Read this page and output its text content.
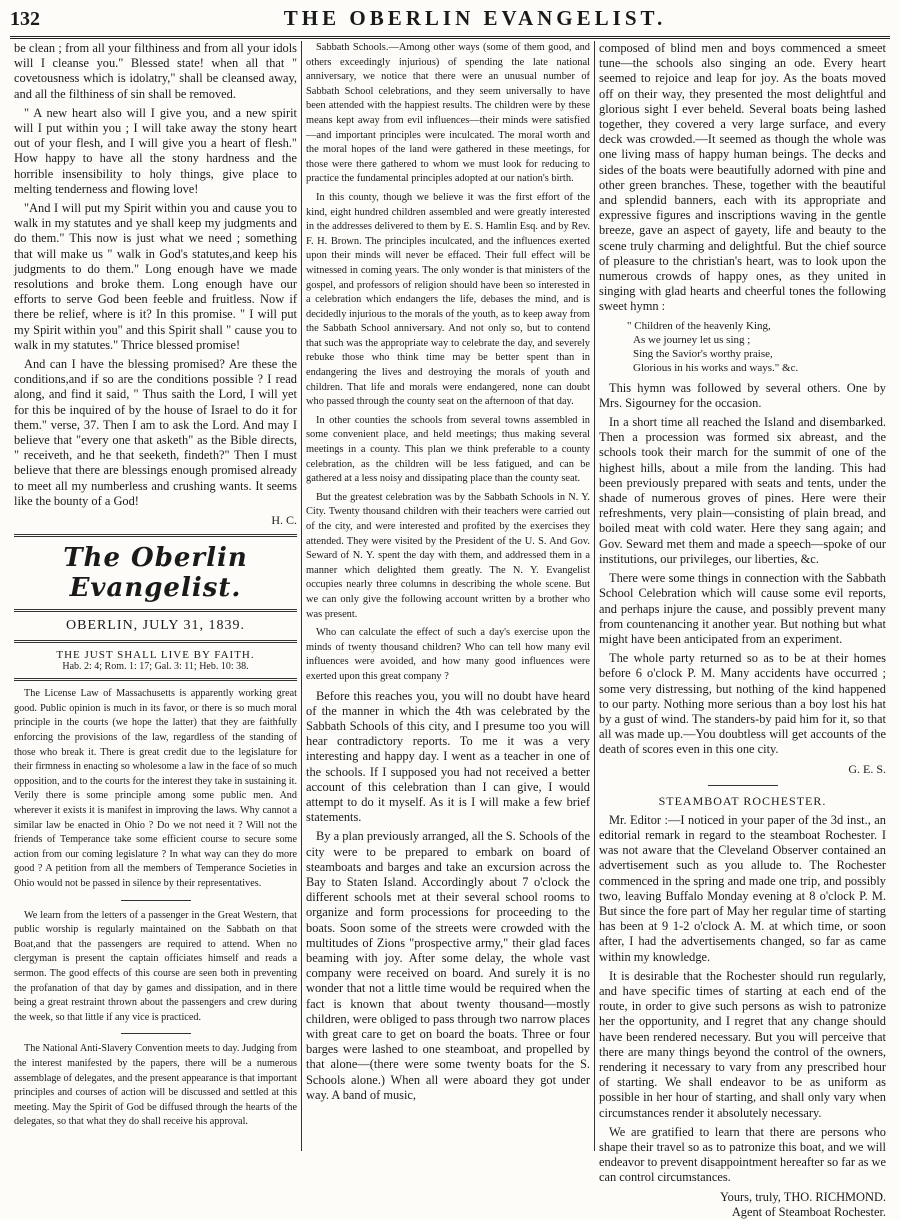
132	THE OBERLIN EVANGELIST.

be clean ; from all your filthiness and from all your idols will I cleanse you." Blessed state! when all that " covetousness which is idolatry," shall be cleansed away, and all the filthiness of sin shall be removed.

" A new heart also will I give you, and a new spirit will I put within you ; I will take away the stony heart out of your flesh, and I will give you a heart of flesh." How happy to have all the stony hardness and the horrible insensibility to holy things, give place to melting tenderness and flowing love!

"And I will put my Spirit within you and cause you to walk in my statutes and ye shall keep my judgments and do them." This now is just what we need ; something that will make us " walk in God's statutes,and keep his judgments to do them." Long enough have we made resolutions and broke them. Long enough have our efforts to serve God been feeble and fruitless. Now if there be relief, where is it? In this promise. " I will put my Spirit within you" and this Spirit shall " cause you to walk in my statutes." Thrice blessed promise!

And can I have the blessing promised? Are these the conditions,and if so are the conditions possible ? I read along, and find it said, " Thus saith the Lord, I will yet for this be inquired of by the house of Israel to do it for them." verse, 37. Then I am to ask the Lord. And may I believe that "every one that asketh" as the Bible directs, " receiveth, and he that seeketh, findeth?" Then I must believe that there are blessings enough promised already to meet all my numberless and crushing wants. It seems like the bounty of a God!

H. C.
The Oberlin Evangelist.
OBERLIN, JULY 31, 1839.
THE JUST SHALL LIVE BY FAITH.
Hab. 2: 4; Rom. 1: 17; Gal. 3: 11; Heb. 10: 38.

The License Law of Massachusetts is apparently working great good. Public opinion is much in its favor, or there is so much moral principle in the courts (we hope the latter) that they are faithfully enforcing the provisions of the law, regardless of the standing of those who break it. There is great credit due to the legislature for their firmness in enacting so wholesome a law in the face of so much opposition, and to the courts for the interest they take in sustaining it. Verily there is some principle among some public men. And wherever it exists it is manifest in improving the laws. Why cannot a similar law be enacted in Ohio ? Do we not need it ? Will not the friends of Temperance take some efficient course to secure some action from our coming legislature ? In what way can they do more good ? A petition from all the members of Temperance Societies in Ohio would not be passed in silence by their representatives.

We learn from the letters of a passenger in the Great Western, that public worship is regularly maintained on the Sabbath on that Boat,and that the passengers are required to attend. When no clergyman is present the captain officiates himself and reads a sermon. The good effects of this course are seen both in preventing the profanation of that day by games and dissipation, and in there being a great restraint thrown about the passengers and crew during the week, so that little if any vice is practiced.

The National Anti-Slavery Convention meets to day. Judging from the interest manifested by the papers, there will be a numerous assemblage of delegates, and the present appearance is that important principles and courses of action will be discussed and settled at this meeting. May the Spirit of God be diffused through the hearts of the delegates, so that what they do shall receive his approval.

Sabbath Schools.—Among other ways (some of them good, and others exceedingly injurious) of spending the late national anniversary, we notice that there were an unusual number of Sabbath School celebrations, and they seem universally to have been attended with the happiest results. The children were by these means kept away from evil influences—their minds were satisfied—and important principles were inculcated. The moral worth and the moral hopes of the land were gathered in these meetings, for those were there gathered to whom we must look for reducing to practice the fundamental principles adopted at our nation's birth.

In this county, though we believe it was the first effort of the kind, eight hundred children assembled and were greatly interested in the addresses delivered to them by E. S. Hamlin Esq. and by Rev. F. H. Brown. The principles inculcated, and the influences exerted upon their minds will never be effaced. Their full effect will be witnessed in coming years. The only wonder is that ministers of the gospel, and professors of religion should have been so interested in a celebration which endangers the life, debases the mind, and is decidedly injurious to the morals of the youth, as to keep away from the Sabbath School anniversary. And not only so, but to contend that such was the appropriate way to celebrate the day, and severely rebuke those who think time may be better spent than in endangering the lives and destroying the morals of youth and children. That life and morals were endangered, none can doubt who passed through the county seat on the afternoon of that day.

In other counties the schools from several towns assembled in some convenient place, and held meetings; thus making several meetings in a county. This plan we think preferable to a county celebration, as the children will be less fatigued, and can be gathered at a less noisy and dissipating place than the county seat.

But the greatest celebration was by the Sabbath Schools in N. Y. City. Twenty thousand children with their teachers were carried out of the city, and were interested and profited by the exercises they attended. They were visited by the President of the U. S. And Gov. Seward of N. Y. spent the day with them, and addressed them in a manner which delighted them greatly. The N. Y. Evangelist occupies nearly three columns in describing the whole scene. But we can only give the following account written by a brother who was present.

Who can calculate the effect of such a day's exercise upon the minds of twenty thousand children? Who can tell how many evil influences were avoided, and how many good influences were exerted upon this great company ?

Before this reaches you, you will no doubt have heard of the manner in which the 4th was celebrated by the Sabbath Schools of this city, and I presume too you will hear contradictory reports. To me it was a very interesting and happy day. I went as a teacher in one of the schools. If I supposed you had not received a better account of this celebration than I can give, I would attempt to do it myself. As it is I will make a few brief statements.

By a plan previously arranged, all the S. Schools of the city were to be prepared to embark on board of steamboats and barges and take an excursion across the Bay to Staten Island. Accordingly about 7 o'clock the different schools met at their several school rooms to organize and form processions for proceeding to the boats. Soon some of the streets were crowded with the multitudes of Zions "prospective army," their glad faces beaming with joy. After some delay, the whole vast company were received on board. And surely it is no wonder that not a little time would be required when the fact is known that about twenty thousand—mostly children, were obliged to pass through two narrow places with great care to get on board the boats. Three or four barges were lashed to one steamboat, and propelled by that alone—(there were some twenty boats for the S. Schools alone.) When all were aboard they got under way. A band of music,

composed of blind men and boys commenced a smeet tune—the schools also singing an ode. Every heart seemed to rejoice and leap for joy. As the boats moved off on their way, they presented the most delightful and glorious sight I ever beheld. Several boats being lashed together, they covered a very large surface, and every deck was crowded.—It seemed as though the whole was one living mass of happy human beings. The decks and sides of the boats were beautifully adorned with pine and other green branches. These, together with the beautiful and splendid banners, each with its appropriate and expressive figures and inscriptions waving in the gentle breeze, gave an aspect of gayety, life and beauty to the scene truly charming and delightful. But the chief source of pleasure to the christian's heart, was to look upon the numerous crowds of happy ones, as they united in singing with glad hearts and cheerful tones the following sweet hymn :

" Children of the heavenly King,
As we journey let us sing ;
Sing the Savior's worthy praise,
Glorious in his works and ways." &c.

This hymn was followed by several others. One by Mrs. Sigourney for the occasion.

In a short time all reached the Island and disembarked. Then a procession was formed six abreast, and the schools took their march for the summit of one of the highest hills, about a mile from the landing. This had been previously prepared with seats and tents, under the shade of numerous groves of pines. Here were their refreshments, very plain—consisting of plain bread, and boiled meat with cold water. Here they sang again; and Gov. Seward met them and made a speech—spoke of our institutions, our privileges, our liberties, &c.

There were some things in connection with the Sabbath School Celebration which will cause some evil reports, and perhaps injure the cause, and possibly prevent many from countenancing it another year. But nothing but what might have been anticipated from an experiment.

The whole party returned so as to be at their homes before 6 o'clock P. M. Many accidents have occurred ; some very distressing, but nothing of the kind happened to our party. Nothing more serious than a boy lost his hat by a gust of wind. The standers-by paid him for it, so that all was made up.—You doubtless will get accounts of the death of scores even in this one city.

G. E. S.
STEAMBOAT ROCHESTER.

Mr. Editor :—I noticed in your paper of the 3d inst., an editorial remark in regard to the steamboat Rochester. I was not aware that the Cleveland Observer contained an advertisement such as you allude to. The Rochester commenced in the spring and made one trip, and possibly two, leaving Buffalo Monday evening at 8 o'clock P. M. But since the fore part of May her regular time of starting has been at 9 1-2 o'clock A. M. at which time, or soon after, I had the advertisements changed, so far as came within my knowledge.

It is desirable that the Rochester should run regularly, and have specific times of starting at each end of the route, in order to give such persons as wish to patronize her the opportunity, and I regret that any change should have been rendered necessary. But you will perceive that there are many things beyond the control of the owners, rendering it necessary to vary from any prescribed hour of starting. We shall endeavor to be as uniform as possible in her hour of starting, and shall only vary when circumstances render it absolutely necessary.

We are gratified to learn that there are persons who shape their travel so as to patronize this boat, and we will endeavor to prevent disappointment hereafter so far as we can control circumstances.

Yours, truly, THO. RICHMOND.

Agent of Steamboat Rochester.
